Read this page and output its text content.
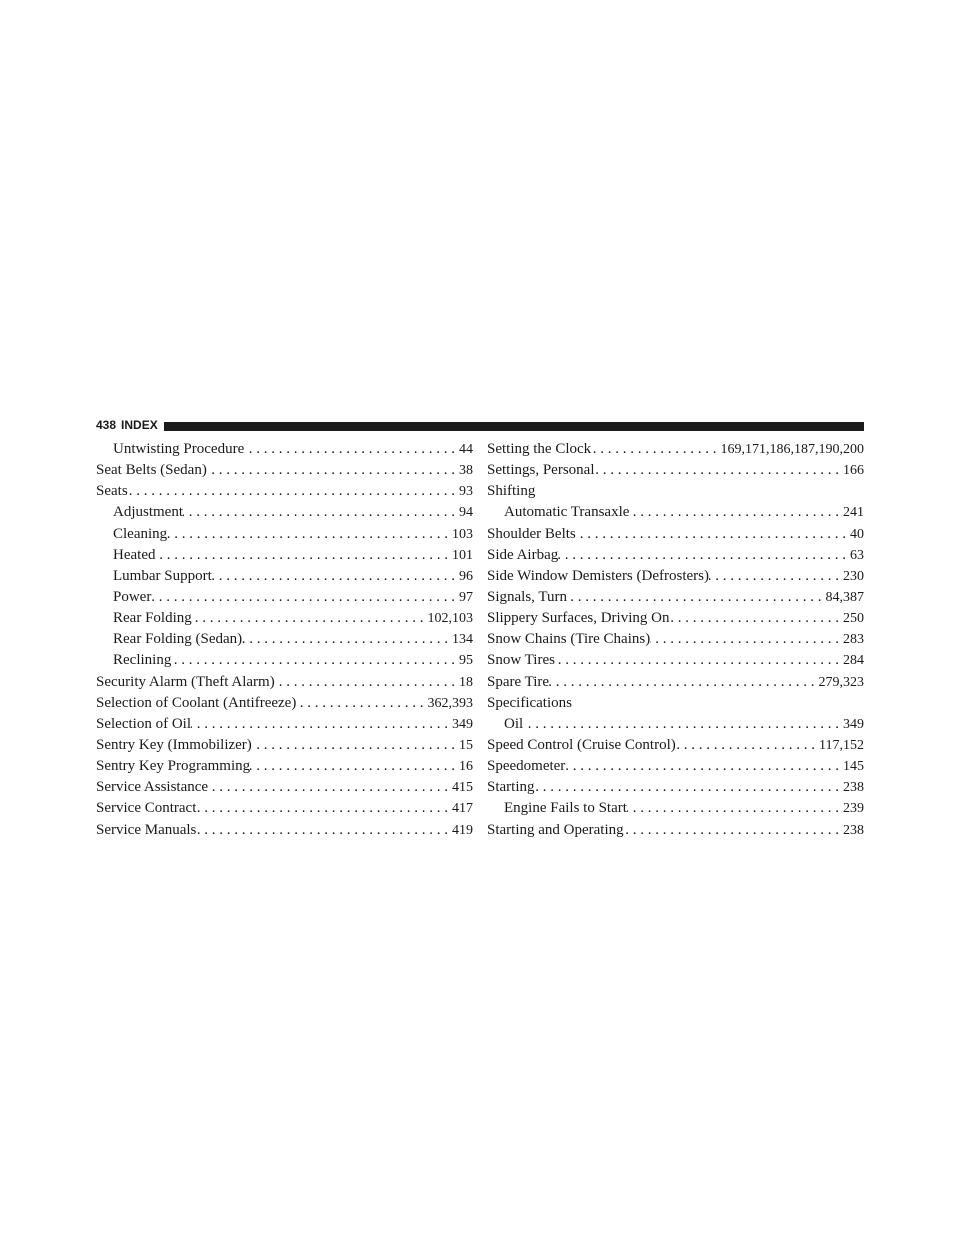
438 INDEX
Untwisting Procedure . . .	44
Seat Belts (Sedan) . . .	38
Seats . . .	93
Adjustment . . .	94
Cleaning . . .	103
Heated . . .	101
Lumbar Support . . .	96
Power . . .	97
Rear Folding . . .	102,103
Rear Folding (Sedan) . . .	134
Reclining . . .	95
Security Alarm (Theft Alarm) . . .	18
Selection of Coolant (Antifreeze) . . .	362,393
Selection of Oil . . .	349
Sentry Key (Immobilizer) . . .	15
Sentry Key Programming . . .	16
Service Assistance . . .	415
Service Contract . . .	417
Service Manuals . . .	419
Setting the Clock . . .	169,171,186,187,190,200
Settings, Personal . . .	166
Shifting
Automatic Transaxle . . .	241
Shoulder Belts . . .	40
Side Airbag . . .	63
Side Window Demisters (Defrosters) . . .	230
Signals, Turn . . .	84,387
Slippery Surfaces, Driving On . . .	250
Snow Chains (Tire Chains) . . .	283
Snow Tires . . .	284
Spare Tire . . .	279,323
Specifications
Oil . . .	349
Speed Control (Cruise Control) . . .	117,152
Speedometer . . .	145
Starting . . .	238
Engine Fails to Start . . .	239
Starting and Operating . . .	238
